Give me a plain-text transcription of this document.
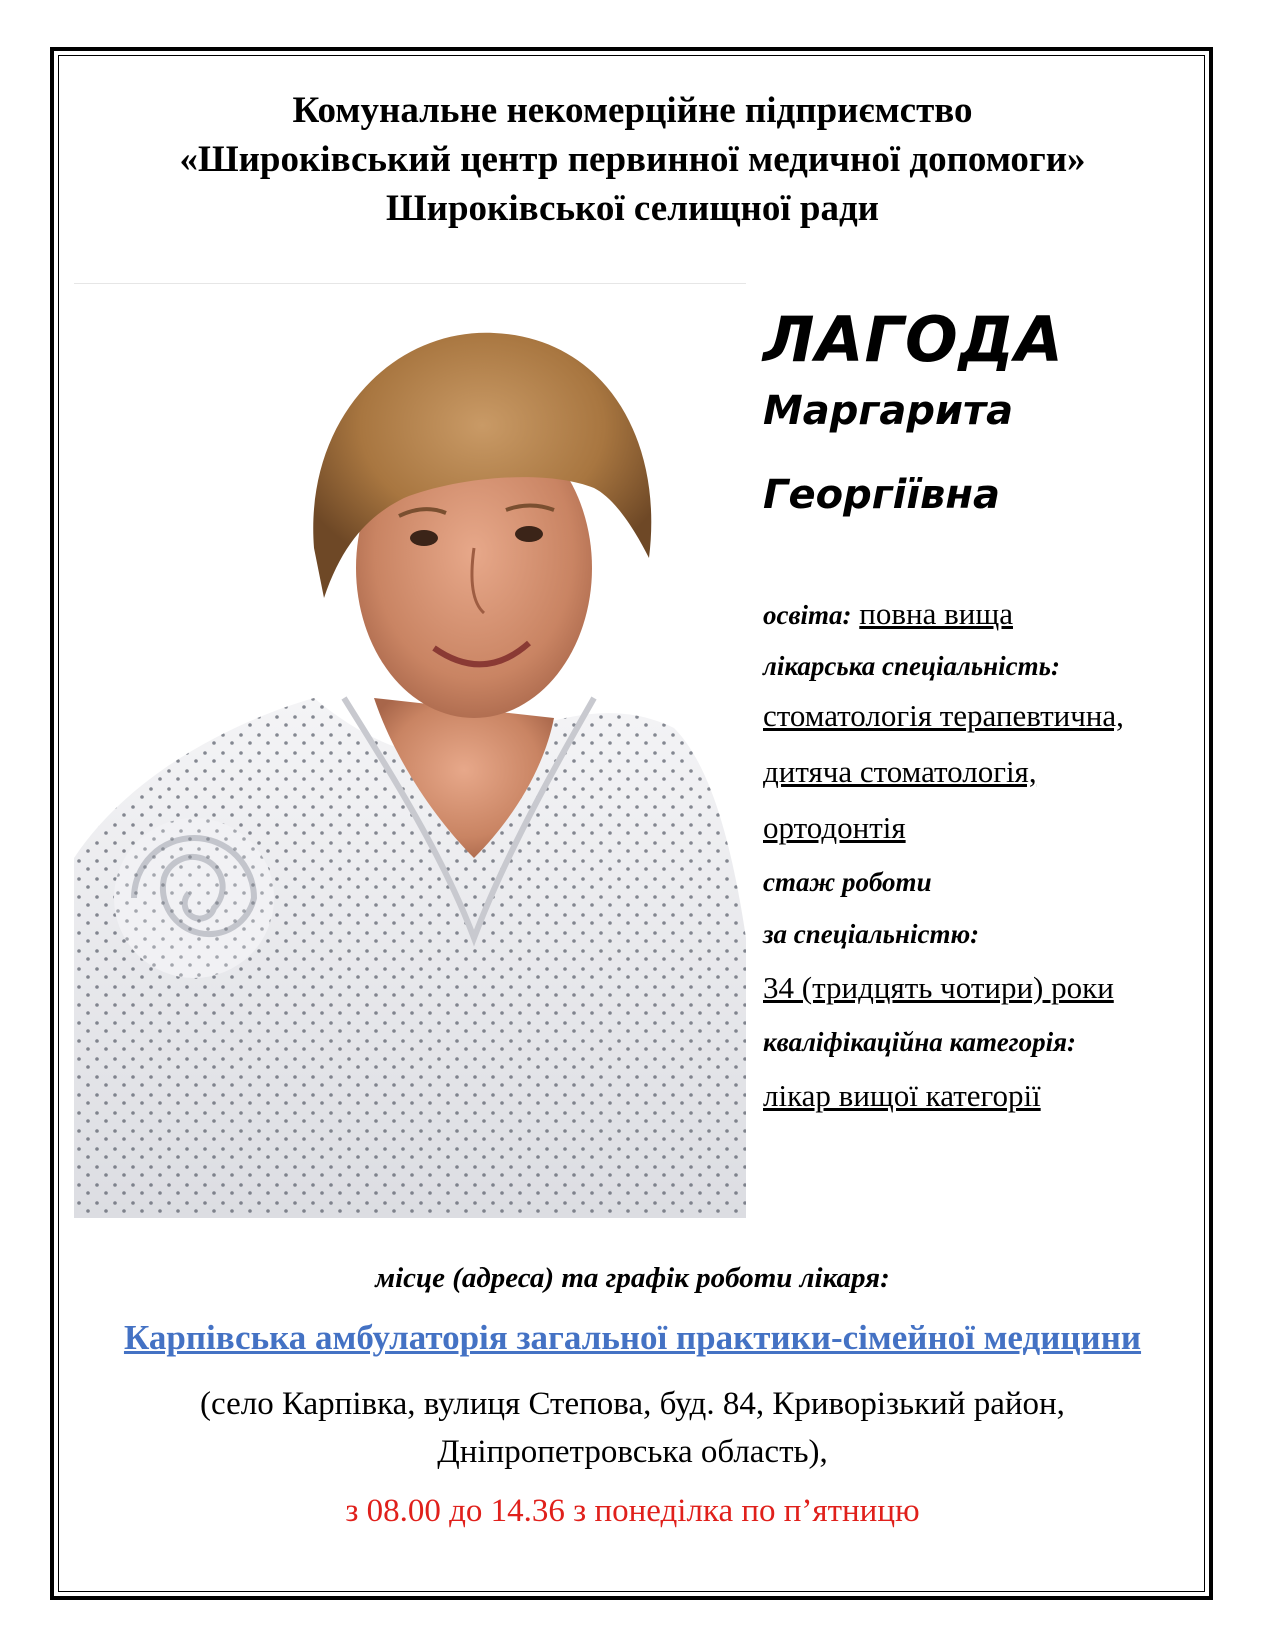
Комунальне некомерційне підприємство
«Широківський центр первинної медичної допомоги»
Широківської селищної ради
ЛАГОДА
Маргарита
Георгіївна
освіта: повна вища
лікарська спеціальність:
стоматологія терапевтична,
дитяча стоматологія,
ортодонтія
стаж роботи
за спеціальністю:
34 (тридцять чотири) роки
кваліфікаційна категорія:
лікар вищої категорії
місце (адреса) та графік роботи лікаря:
Карпівська амбулаторія загальної практики-сімейної медицини
(село Карпівка, вулиця Степова, буд. 84, Криворізький район,
Дніпропетровська область),
з 08.00 до 14.36 з понеділка по п’ятницю
